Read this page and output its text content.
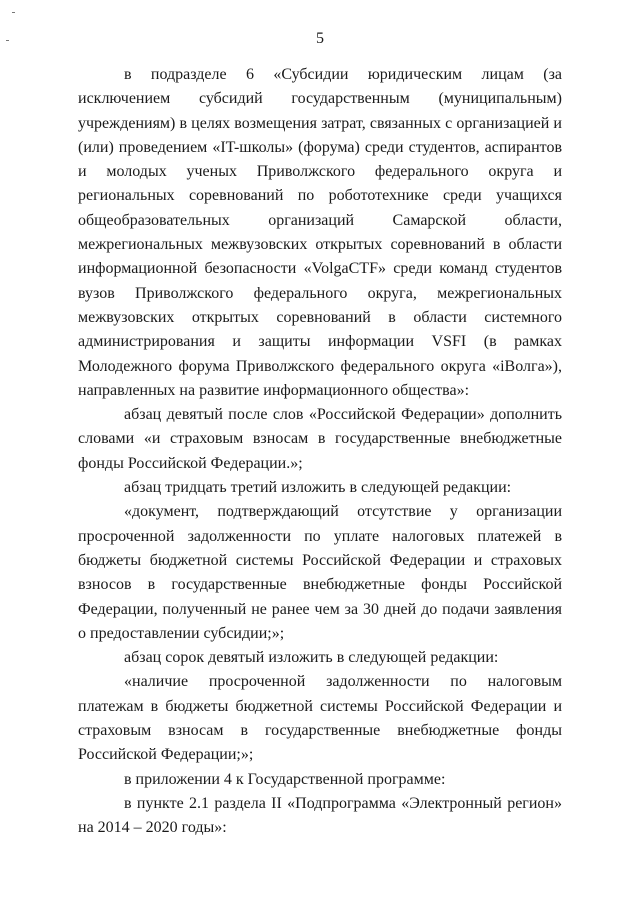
5

в подразделе 6 «Субсидии юридическим лицам (за исключением субсидий государственным (муниципальным) учреждениям) в целях возмещения затрат, связанных с организацией и (или) проведением «IT-школы» (форума) среди студентов, аспирантов и молодых ученых Приволжского федерального округа и региональных соревнований по робототехнике среди учащихся общеобразовательных организаций Самарской области, межрегиональных межвузовских открытых соревнований в области информационной безопасности «VolgaCTF» среди команд студентов вузов Приволжского федерального округа, межрегиональных межвузовских открытых соревнований в области системного администрирования и защиты информации VSFI (в рамках Молодежного форума Приволжского федерального округа «iВолга»), направленных на развитие информационного общества»:

абзац девятый после слов «Российской Федерации» дополнить словами «и страховым взносам в государственные внебюджетные фонды Российской Федерации.»;

абзац тридцать третий изложить в следующей редакции:

«документ, подтверждающий отсутствие у организации просроченной задолженности по уплате налоговых платежей в бюджеты бюджетной системы Российской Федерации и страховых взносов в государственные внебюджетные фонды Российской Федерации, полученный не ранее чем за 30 дней до подачи заявления о предоставлении субсидии;»;

абзац сорок девятый изложить в следующей редакции:

«наличие просроченной задолженности по налоговым платежам в бюджеты бюджетной системы Российской Федерации и страховым взносам в государственные внебюджетные фонды Российской Федерации;»;

в приложении 4 к Государственной программе:

в пункте 2.1 раздела II «Подпрограмма «Электронный регион» на 2014 – 2020 годы»:
